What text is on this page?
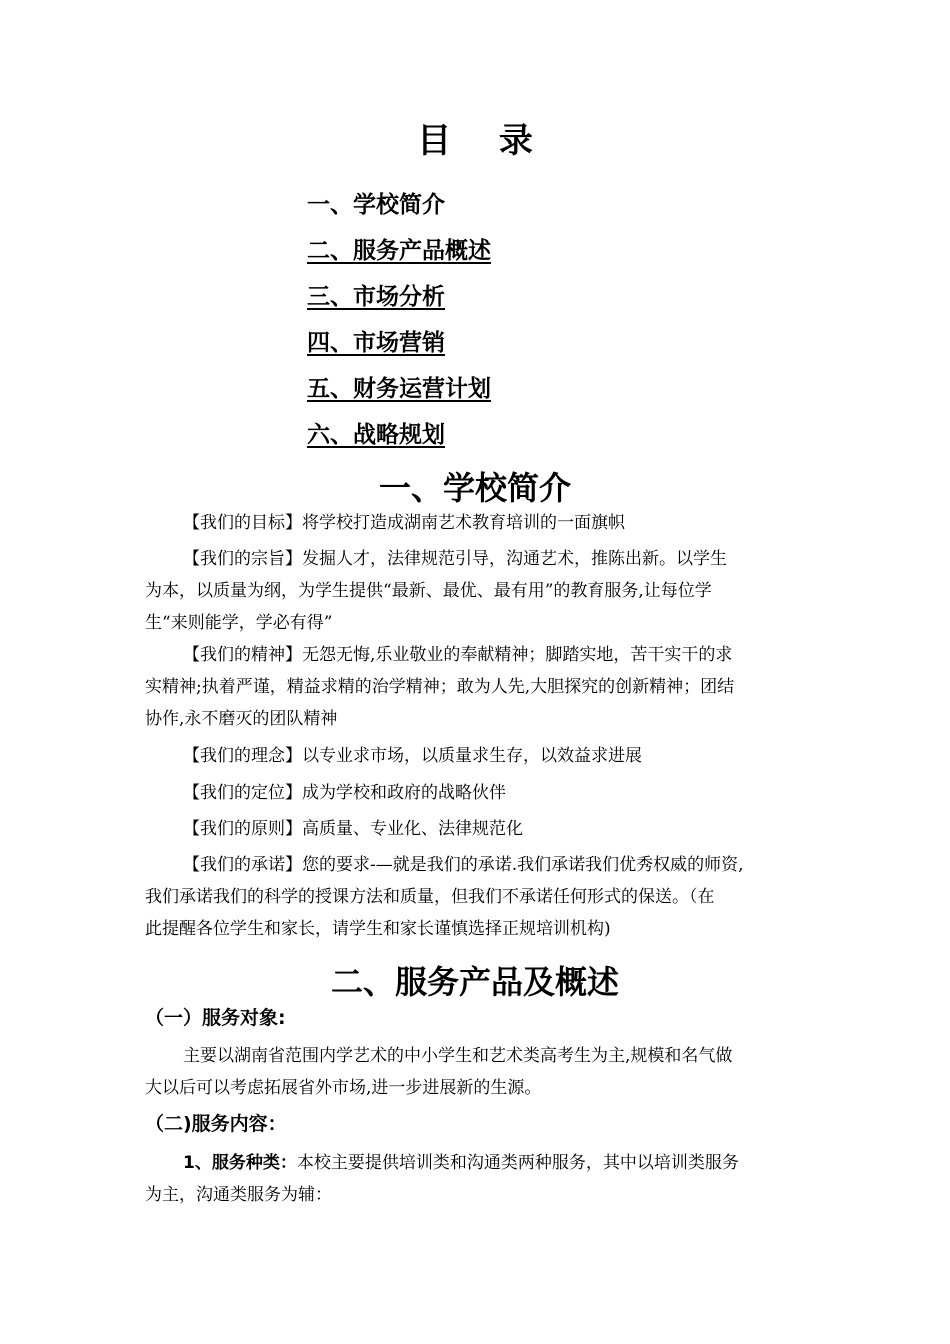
目 录
一、学校简介
二、服务产品概述
三、市场分析
四、市场营销
五、财务运营计划
六、战略规划
一、学校简介
【我们的目标】将学校打造成湖南艺术教育培训的一面旗帜
【我们的宗旨】发掘人才，法律规范引导，沟通艺术，推陈出新。以学生
为本，以质量为纲，为学生提供“最新、最优、最有用”的教育服务,让每位学
生“来则能学，学必有得”
【我们的精神】无怨无悔,乐业敬业的奉献精神；脚踏实地，苦干实干的求
实精神;执着严谨，精益求精的治学精神；敢为人先,大胆探究的创新精神；团结
协作,永不磨灭的团队精神
【我们的理念】以专业求市场，以质量求生存，以效益求进展
【我们的定位】成为学校和政府的战略伙伴
【我们的原则】高质量、专业化、法律规范化
【我们的承诺】您的要求-—就是我们的承诺.我们承诺我们优秀权威的师资,
我们承诺我们的科学的授课方法和质量，但我们不承诺任何形式的保送。（在
此提醒各位学生和家长，请学生和家长谨慎选择正规培训机构)
二、服务产品及概述
（一）服务对象:
主要以湖南省范围内学艺术的中小学生和艺术类高考生为主,规模和名气做
大以后可以考虑拓展省外市场,进一步进展新的生源。
（二)服务内容：
1、服务种类：本校主要提供培训类和沟通类两种服务，其中以培训类服务
为主，沟通类服务为辅：
